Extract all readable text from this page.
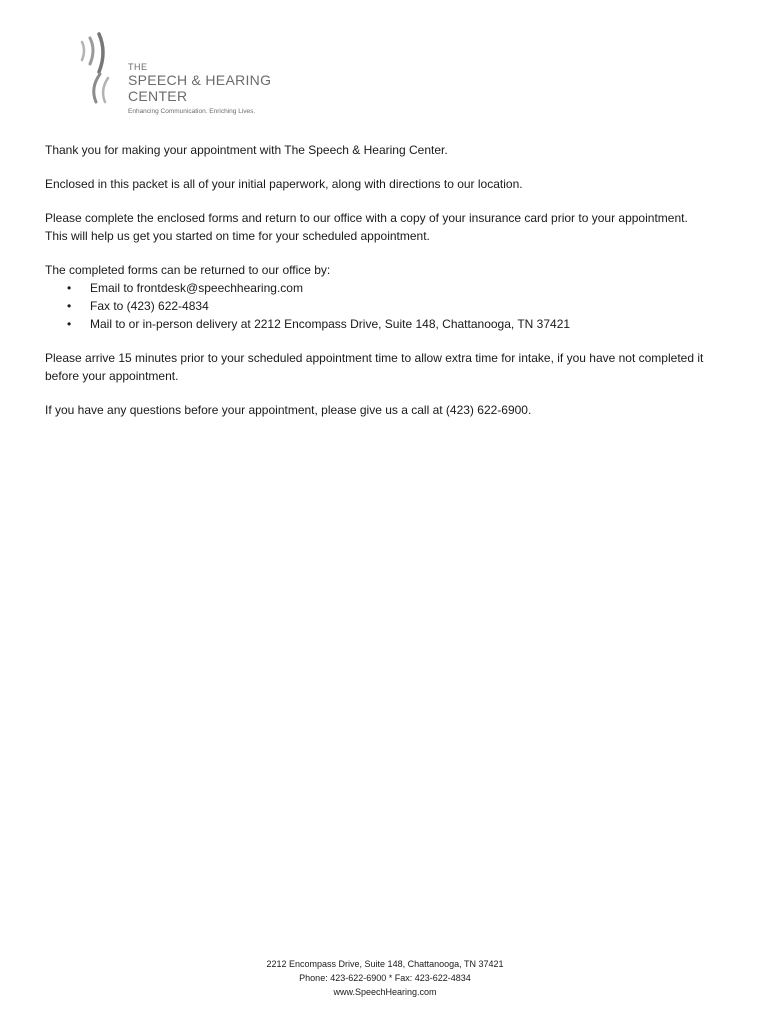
THE
SPEECH & HEARING
CENTER
Enhancing Communication. Enriching Lives.

Thank you for making your appointment with The Speech & Hearing Center.

Enclosed in this packet is all of your initial paperwork, along with directions to our location.

Please complete the enclosed forms and return to our office with a copy of your insurance card prior to your appointment. This will help us get you started on time for your scheduled appointment.

The completed forms can be returned to our office by:

• Email to frontdesk@speechhearing.com
• Fax to (423) 622-4834
• Mail to or in-person delivery at 2212 Encompass Drive, Suite 148, Chattanooga, TN 37421

Please arrive 15 minutes prior to your scheduled appointment time to allow extra time for intake, if you have not completed it before your appointment.

If you have any questions before your appointment, please give us a call at (423) 622-6900.

2212 Encompass Drive, Suite 148, Chattanooga, TN 37421
Phone: 423-622-6900 * Fax: 423-622-4834
www.SpeechHearing.com
